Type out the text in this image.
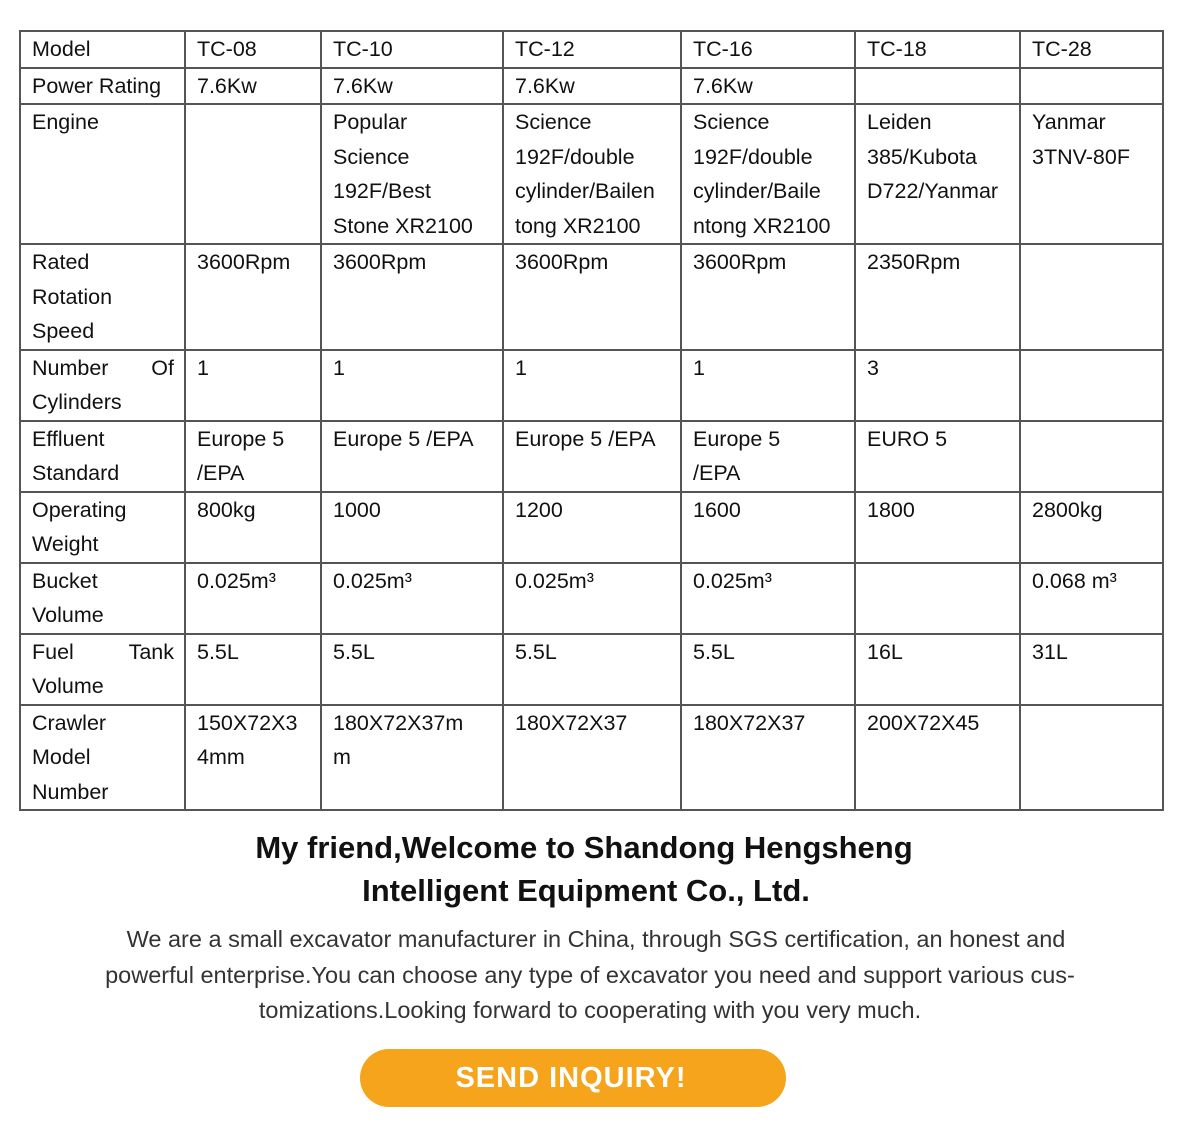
Model	TC-08	TC-10	TC-12	TC-16	TC-18	TC-28

Power Rating	7.6Kw	7.6Kw	7.6Kw	7.6Kw		

Engine		Popular
Science
192F/Best
Stone XR2100	Science
192F/double
cylinder/Bailen
tong XR2100	Science
192F/double
cylinder/Baile
ntong XR2100	Leiden
385/Kubota
D722/Yanmar	Yanmar
3TNV-80F

Rated
Rotation
Speed	3600Rpm	3600Rpm	3600Rpm	3600Rpm	2350Rpm	

Number Of
Cylinders	1	1	1	1	3	

Effluent
Standard	Europe 5
/EPA	Europe 5 /EPA	Europe 5 /EPA	Europe 5
/EPA	EURO 5	

Operating
Weight	800kg	1000	1200	1600	1800	2800kg

Bucket
Volume	0.025m³	0.025m³	0.025m³	0.025m³		0.068 m³

Fuel Tank
Volume	5.5L	5.5L	5.5L	5.5L	16L	31L

Crawler
Model
Number	150X72X3
4mm	180X72X37m
m	180X72X37	180X72X37	200X72X45	

My friend,Welcome to Shandong Hengsheng
Intelligent Equipment Co., Ltd.
We are a small excavator manufacturer in China, through SGS certification, an honest and
powerful enterprise.You can choose any type of excavator you need and support various cus-
tomizations.Looking forward to cooperating with you very much.
SEND INQUIRY!
